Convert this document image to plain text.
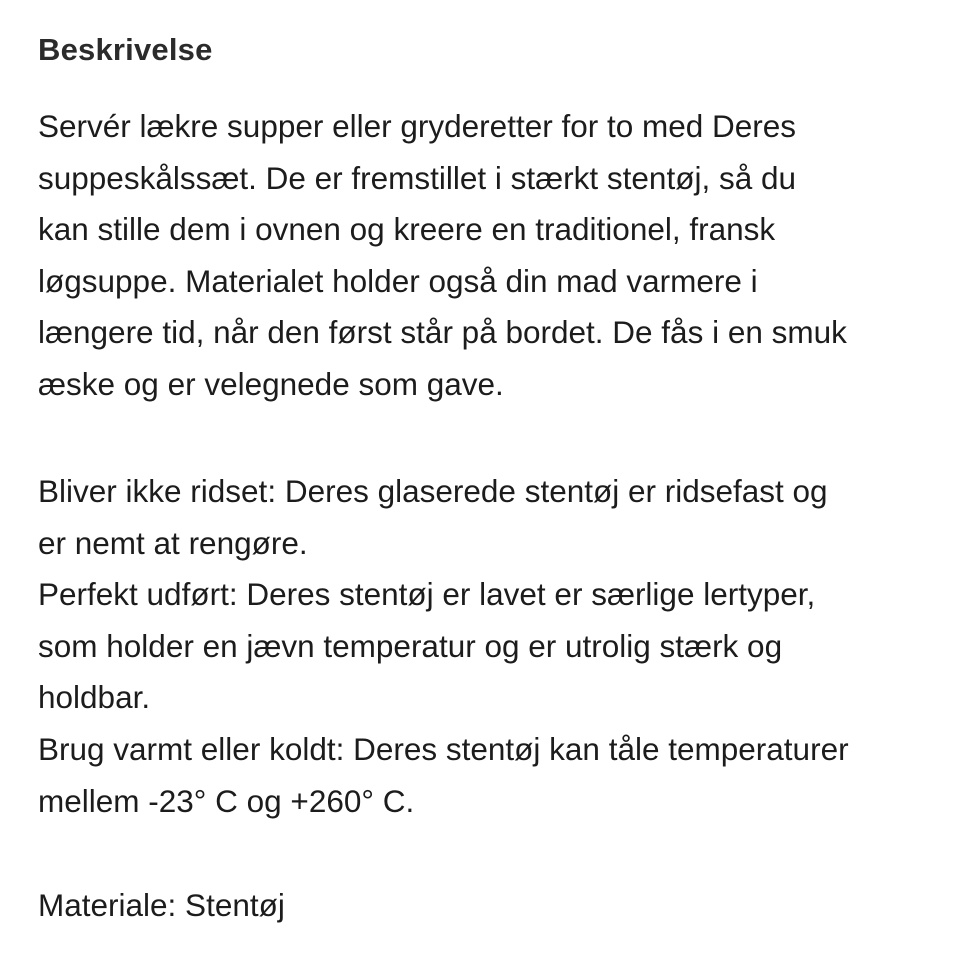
Beskrivelse

Servér lækre supper eller gryderetter for to med Deres
suppeskålssæt. De er fremstillet i stærkt stentøj, så du
kan stille dem i ovnen og kreere en traditionel, fransk
løgsuppe. Materialet holder også din mad varmere i
længere tid, når den først står på bordet. De fås i en smuk
æske og er velegnede som gave.

Bliver ikke ridset: Deres glaserede stentøj er ridsefast og
er nemt at rengøre.
Perfekt udført: Deres stentøj er lavet er særlige lertyper,
som holder en jævn temperatur og er utrolig stærk og
holdbar.
Brug varmt eller koldt: Deres stentøj kan tåle temperaturer
mellem -23° C og +260° C.

Materiale: Stentøj
